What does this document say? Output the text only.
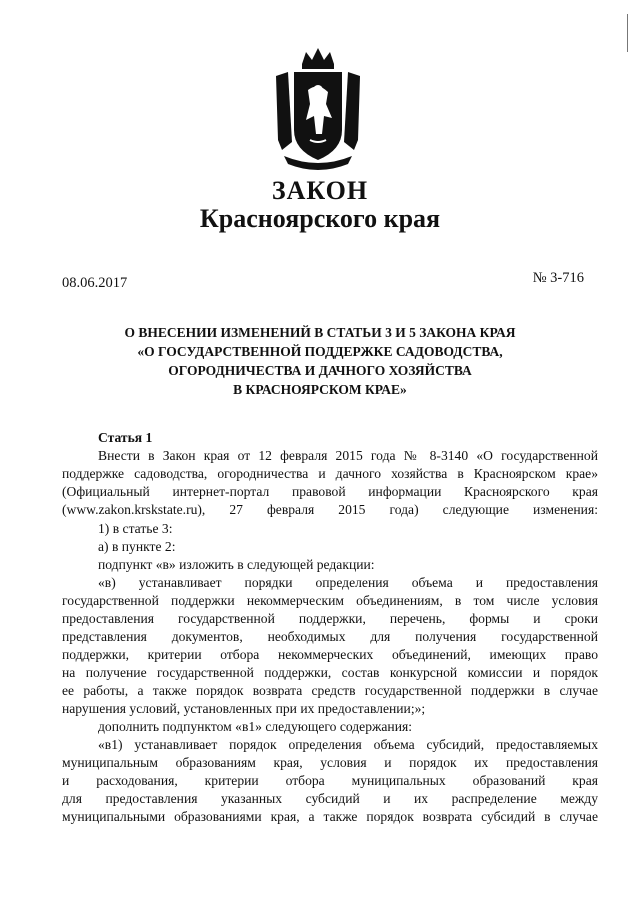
ЗАКОН
Красноярского края
08.06.2017	№ 3-716
О ВНЕСЕНИИ ИЗМЕНЕНИЙ В СТАТЬИ 3 И 5 ЗАКОНА КРАЯ
«О ГОСУДАРСТВЕННОЙ ПОДДЕРЖКЕ САДОВОДСТВА,
ОГОРОДНИЧЕСТВА И ДАЧНОГО ХОЗЯЙСТВА
В КРАСНОЯРСКОМ КРАЕ»
Статья 1
Внести в Закон края от 12 февраля 2015 года № 8-3140 «О государственной
поддержке садоводства, огородничества и дачного хозяйства в Красноярском крае»
(Официальный интернет-портал правовой информации Красноярского края
(www.zakon.krskstate.ru), 27 февраля 2015 года) следующие изменения:
1) в статье 3:
а) в пункте 2:
подпункт «в» изложить в следующей редакции:
«в) устанавливает порядки определения объема и предоставления
государственной поддержки некоммерческим объединениям, в том числе условия
предоставления государственной поддержки, перечень, формы и сроки
представления документов, необходимых для получения государственной
поддержки, критерии отбора некоммерческих объединений, имеющих право
на получение государственной поддержки, состав конкурсной комиссии и порядок
ее работы, а также порядок возврата средств государственной поддержки в случае
нарушения условий, установленных при их предоставлении;»;
дополнить подпунктом «в1» следующего содержания:
«в1) устанавливает порядок определения объема субсидий, предоставляемых
муниципальным образованиям края, условия и порядок их предоставления
и расходования, критерии отбора муниципальных образований края
для предоставления указанных субсидий и их распределение между
муниципальными образованиями края, а также порядок возврата субсидий в случае
